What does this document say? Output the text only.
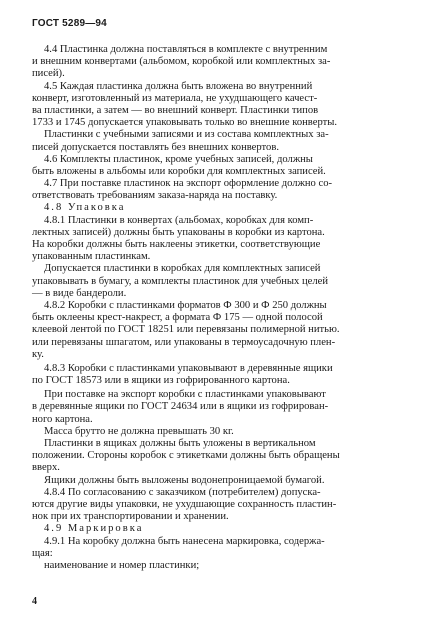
ГОСТ 5289—94
4.4 Пластинка должна поставляться в комплекте с внутренним
и внешним конвертами (альбомом, коробкой или комплектных за-
писей).
4.5 Каждая пластинка должна быть вложена во внутренний
конверт, изготовленный из материала, не ухудшающего качест-
ва пластинки, а затем — во внешний конверт. Пластинки типов
1733 и 1745 допускается упаковывать только во внешние конверты.
Пластинки с учебными записями и из состава комплектных за-
писей допускается поставлять без внешних конвертов.
4.6 Комплекты пластинок, кроме учебных записей, должны
быть вложены в альбомы или коробки для комплектных записей.
4.7 При поставке пластинок на экспорт оформление должно со-
ответствовать требованиям заказа-наряда на поставку.
4.8 Упаковка
4.8.1 Пластинки в конвертах (альбомах, коробках для комп-
лектных записей) должны быть упакованы в коробки из картона.
На коробки должны быть наклеены этикетки, соответствующие
упакованным пластинкам.
Допускается пластинки в коробках для комплектных записей
упаковывать в бумагу, а комплекты пластинок для учебных целей
— в виде бандероли.
4.8.2 Коробки с пластинками форматов Ф 300 и Ф 250 должны
быть оклеены крест-накрест, а формата Ф 175 — одной полосой
клеевой лентой по ГОСТ 18251 или перевязаны полимерной нитью.
или перевязаны шпагатом, или упакованы в термоусадочную плен-
ку.
4.8.3 Коробки с пластинками упаковывают в деревянные ящики
по ГОСТ 18573 или в ящики из гофрированного картона.
При поставке на экспорт коробки с пластинками упаковывают
в деревянные ящики по ГОСТ 24634 или в ящики из гофрирован-
ного картона.
Масса брутто не должна превышать 30 кг.
Пластинки в ящиках должны быть уложены в вертикальном
положении. Стороны коробок с этикетками должны быть обращены
вверх.
Ящики должны быть выложены водонепроницаемой бумагой.
4.8.4 По согласованию с заказчиком (потребителем) допуска-
ются другие виды упаковки, не ухудшающие сохранность пластин-
нок при их транспортировании и хранении.
4.9 Маркировка
4.9.1 На коробку должна быть нанесена маркировка, содержа-
щая:
наименование и номер пластинки;
4
